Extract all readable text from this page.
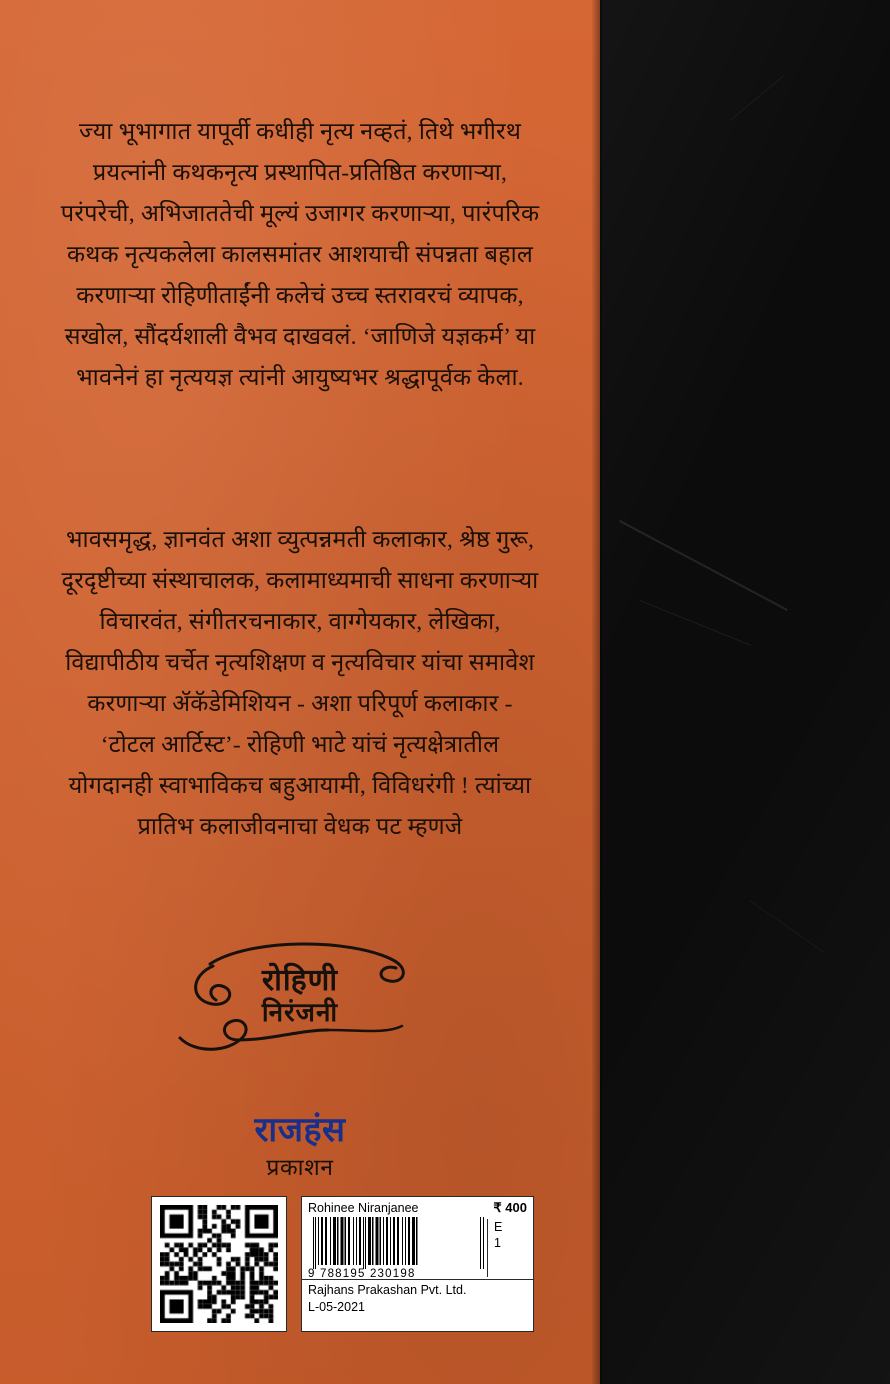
ज्या भूभागात यापूर्वी कधीही नृत्य नव्हतं, तिथे भगीरथ प्रयत्नांनी कथकनृत्य प्रस्थापित-प्रतिष्ठित करणाऱ्या, परंपरेची, अभिजाततेची मूल्यं उजागर करणाऱ्या, पारंपरिक कथक नृत्यकलेला कालसमांतर आशयाची संपन्नता बहाल करणाऱ्या रोहिणीताईंनी कलेचं उच्च स्तरावरचं व्यापक, सखोल, सौंदर्यशाली वैभव दाखवलं. ‘जाणिजे यज्ञकर्म’ या भावनेनं हा नृत्ययज्ञ त्यांनी आयुष्यभर श्रद्धापूर्वक केला.

भावसमृद्ध, ज्ञानवंत अशा व्युत्पन्नमती कलाकार, श्रेष्ठ गुरू, दूरदृष्टीच्या संस्थाचालक, कलामाध्यमाची साधना करणाऱ्या विचारवंत, संगीतरचनाकार, वाग्गेयकार, लेखिका, विद्यापीठीय चर्चेत नृत्यशिक्षण व नृत्यविचार यांचा समावेश करणाऱ्या ॲकॅडेमिशियन - अशा परिपूर्ण कलाकार - ‘टोटल आर्टिस्ट’- रोहिणी भाटे यांचं नृत्यक्षेत्रातील योगदानही स्वाभाविकच बहुआयामी, विविधरंगी ! त्यांच्या प्रातिभ कलाजीवनाचा वेधक पट म्हणजे

रोहिणी
निरंजनी
राजहंस
प्रकाशन
Rohinee Niranjanee	₹ 400
9 788195 230198
E
1
Rajhans Prakashan Pvt. Ltd.
L-05-2021
